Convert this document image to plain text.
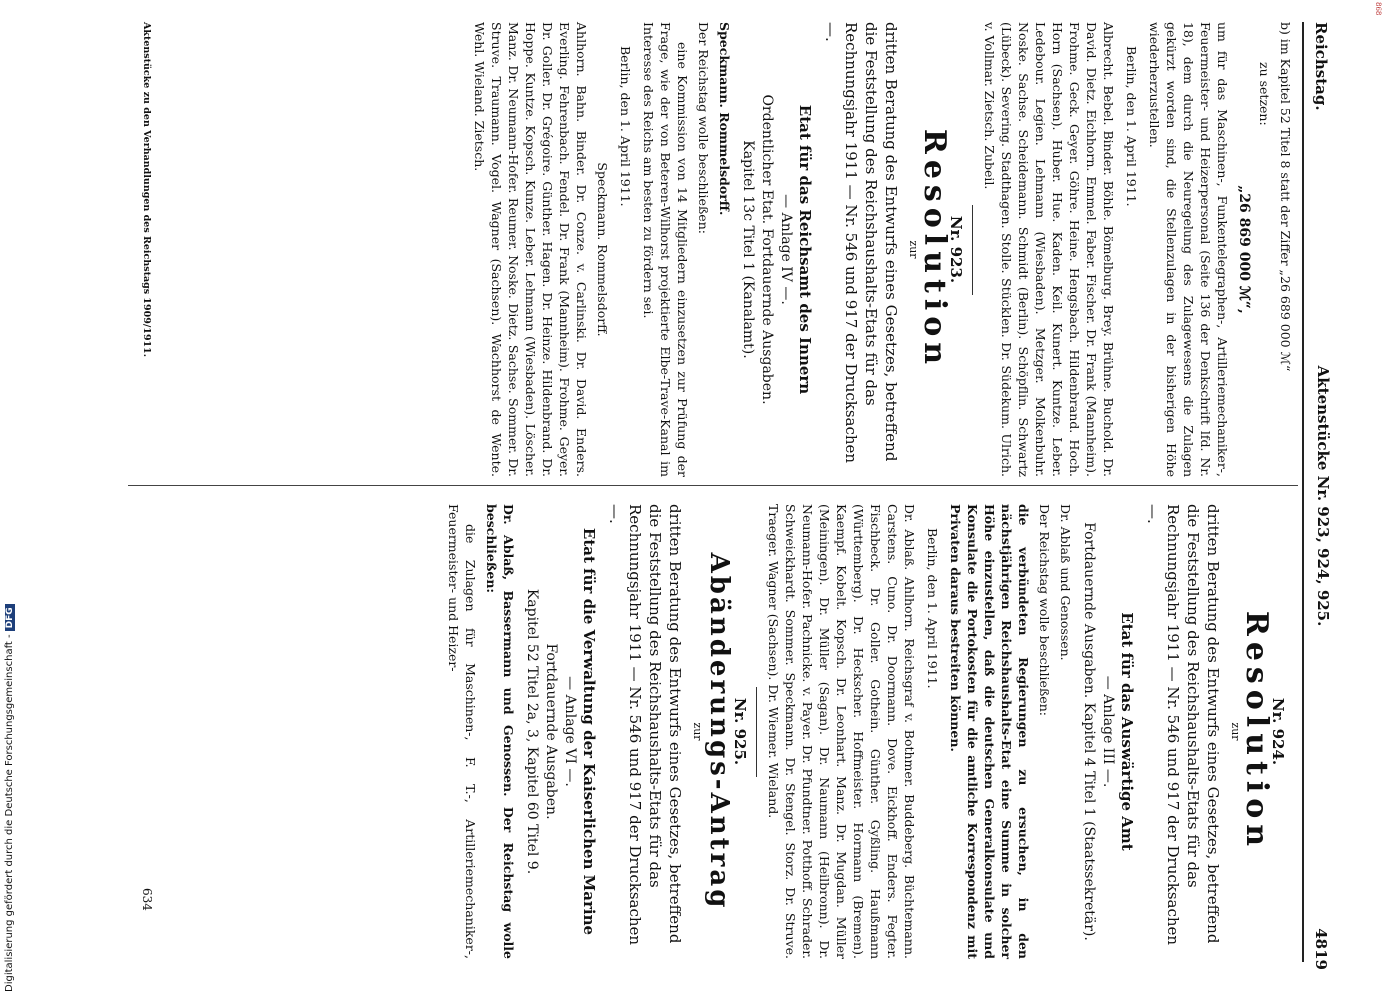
Reichstag.
Aktenstücke Nr. 923, 924, 925.
4819

b) im Kapitel 52 Titel 8 statt der Ziffer „26 689 000 ℳ“

zu setzen:

„26 869 000 ℳ“,

um für das Maschinen-, Funkentelegraphen-, Artilleriemechaniker-, Feuermeister- und Heizerpersonal (Seite 136 der Denkschrift lfd. Nr. 18), dem durch die Neuregelung des Zulagewesens die Zulagen gekürzt worden sind, die Stellenzulagen in der bisherigen Höhe wiederherzustellen.

Berlin, den 1. April 1911.

Albrecht. Bebel. Binder. Böhle. Bömelburg. Brey. Brühne. Buchold. Dr. David. Dietz. Eichhorn. Emmel. Faber. Fischer. Dr. Frank (Mannheim). Frohme. Geck. Geyer. Göhre. Heine. Hengsbach. Hildenbrand. Hoch. Horn (Sachsen). Huber. Hue. Kaden. Keil. Kunert. Kuntze. Leber. Ledebour. Legien. Lehmann (Wiesbaden). Metzger. Molkenbuhr. Noske. Sachse. Scheidemann. Schmidt (Berlin). Schöpflin. Schwartz (Lübeck). Severing. Stadthagen. Stolle. Stücklen. Dr. Südekum. Ulrich. v. Vollmar. Zietsch. Zubeil.

Nr. 923.
Resolution
zur

dritten Beratung des Entwurfs eines Gesetzes, betreffend die Feststellung des Reichshaushalts-Etats für das Rechnungsjahr 1911 — Nr. 546 und 917 der Drucksachen —.

Etat für das Reichsamt des Innern
— Anlage IV —.
Ordentlicher Etat. Fortdauernde Ausgaben.
Kapitel 13c Titel 1 (Kanalamt).

Speckmann. Rommelsdorff.

Der Reichstag wolle beschließen:

eine Kommission von 14 Mitgliedern einzusetzen zur Prüfung der Frage, wie der von Beteren-Wilhorst projektierte Elbe-Trave-Kanal im Interesse des Reichs am besten zu fördern sei.

Berlin, den 1. April 1911.

Speckmann. Rommelsdorff.

Ahlhorn. Bahn. Binder. Dr. Conze. v. Carlinski. Dr. David. Enders. Everling. Fehrenbach. Fendel. Dr. Frank (Mannheim). Frohme. Geyer. Dr. Goller. Dr. Grégoire. Günther. Hagen. Dr. Heinze. Hildenbrand. Dr. Hoppe. Kuntze. Kopsch. Kunze. Leber. Lehmann (Wiesbaden). Löscher. Manz. Dr. Neumann-Hofer. Reumer. Noske. Dietz. Sachse. Sommer. Dr. Struve. Traumann. Vogel. Wagner (Sachsen). Wachhorst de Wente. Wehl. Wieland. Zietsch.

Nr. 924.
Resolution
zur

dritten Beratung des Entwurfs eines Gesetzes, betreffend die Feststellung des Reichshaushalts-Etats für das Rechnungsjahr 1911 — Nr. 546 und 917 der Drucksachen —.

Etat für das Auswärtige Amt
— Anlage III —.
Fortdauernde Ausgaben. Kapitel 4 Titel 1 (Staatssekretär).

Dr. Ablaß und Genossen.

Der Reichstag wolle beschließen:

die verbündeten Regierungen zu ersuchen, in den nächstjährigen Reichshaushalts-Etat eine Summe in solcher Höhe einzustellen, daß die deutschen Generalkonsulate und Konsulate die Portokosten für die amtliche Korrespondenz mit Privaten daraus bestreiten können.

Berlin, den 1. April 1911.

Dr. Ablaß. Ahlhorn. Reichsgraf v. Bothmer. Buddeberg. Büchtemann. Carstens. Cuno. Dr. Doormann. Dove. Eickhoff. Enders. Fegter. Fischbeck. Dr. Goller. Gothein. Günther. Gyßling. Haußmann (Württemberg). Dr. Heckscher. Hoffmeister. Hormann (Bremen). Kaempf. Kobelt. Kopsch. Dr. Leonhart. Manz. Dr. Mugdan. Müller (Meiningen). Dr. Müller (Sagan). Dr. Naumann (Heilbronn). Dr. Neumann-Hofer. Pachnicke. v. Payer. Dr. Pfundtner. Potthoff. Schrader. Schweickhardt. Sommer. Speckmann. Dr. Stengel. Storz. Dr. Struve. Traeger. Wagner (Sachsen). Dr. Wiemer. Wieland.

Nr. 925.
Abänderungs-Antrag
zur

dritten Beratung des Entwurfs eines Gesetzes, betreffend die Feststellung des Reichshaushalts-Etats für das Rechnungsjahr 1911 — Nr. 546 und 917 der Drucksachen —.

Etat für die Verwaltung der Kaiserlichen Marine
— Anlage VI —.
Fortdauernde Ausgaben.
Kapitel 52 Titel 2a, 3, Kapitel 60 Titel 9.

Dr. Ablaß, Bassermann und Genossen. Der Reichstag wolle beschließen:

die Zulagen für Maschinen-, F. T.-, Artilleriemechaniker-, Feuermeister- und Heizer-

Aktenstücke zu den Verhandlungen des Reichstags 1909/1911.
634
Digitalisierung gefördert durch die Deutsche Forschungsgemeinschaft -DFG
868
